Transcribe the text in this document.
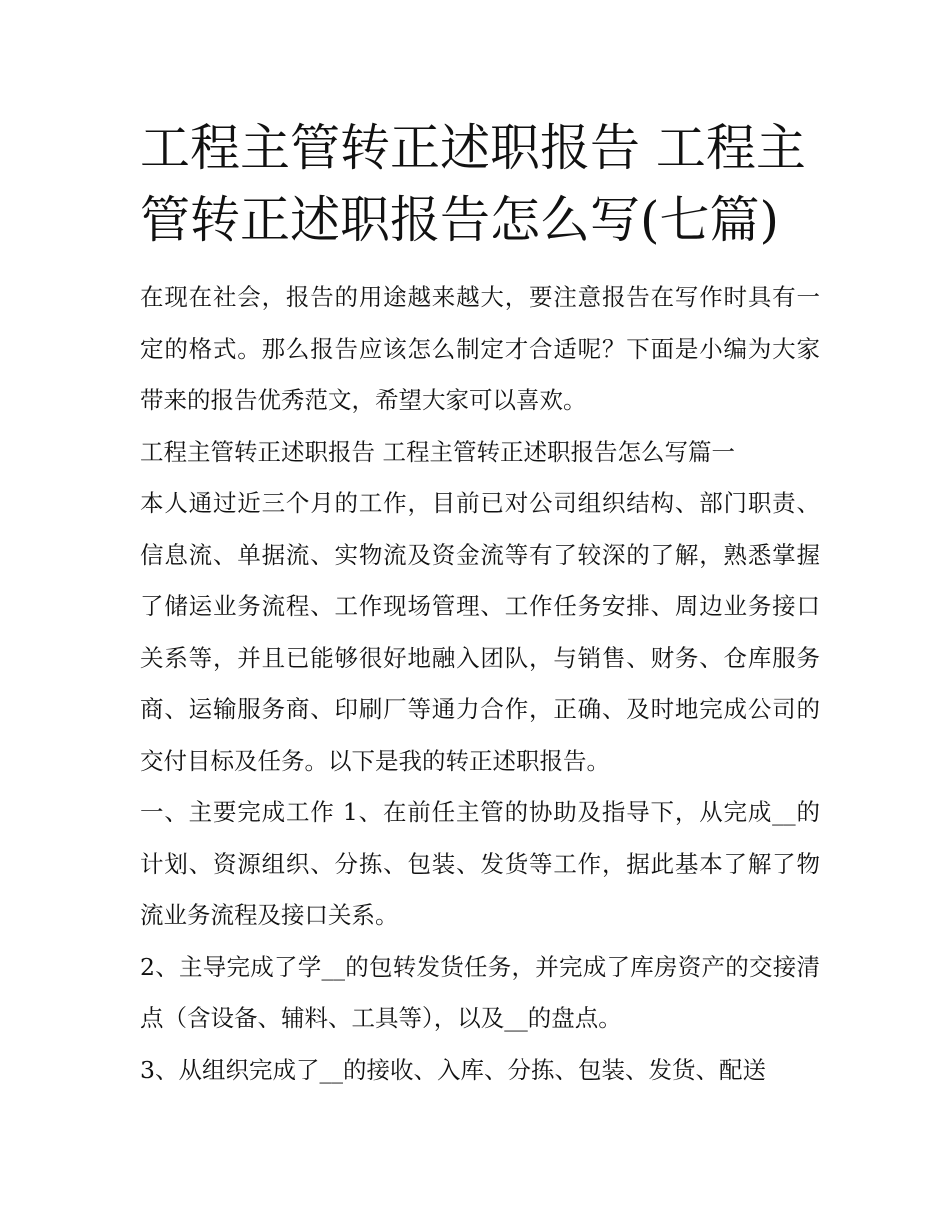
工程主管转正述职报告 工程主管转正述职报告怎么写(七篇)

在现在社会，报告的用途越来越大，要注意报告在写作时具有一定的格式。那么报告应该怎么制定才合适呢？下面是小编为大家带来的报告优秀范文，希望大家可以喜欢。

工程主管转正述职报告 工程主管转正述职报告怎么写篇一

本人通过近三个月的工作，目前已对公司组织结构、部门职责、信息流、单据流、实物流及资金流等有了较深的了解，熟悉掌握了储运业务流程、工作现场管理、工作任务安排、周边业务接口关系等，并且已能够很好地融入团队，与销售、财务、仓库服务商、运输服务商、印刷厂等通力合作，正确、及时地完成公司的交付目标及任务。以下是我的转正述职报告。

一、主要完成工作 1、在前任主管的协助及指导下，从完成__的计划、资源组织、分拣、包装、发货等工作，据此基本了解了物流业务流程及接口关系。

2、主导完成了学__的包转发货任务，并完成了库房资产的交接清点（含设备、辅料、工具等），以及__的盘点。

3、从组织完成了__的接收、入库、分拣、包装、发货、配送
